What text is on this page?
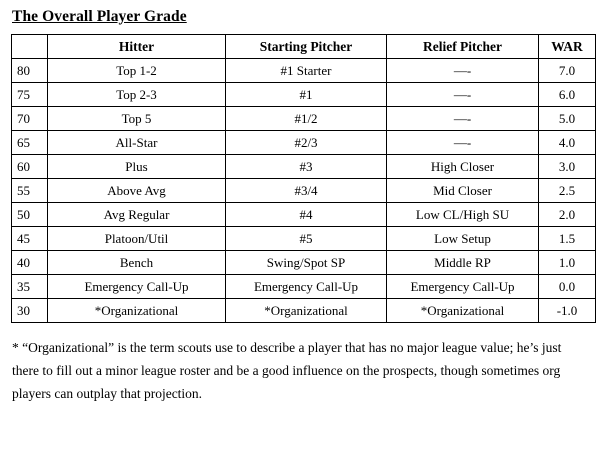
The Overall Player Grade
	Hitter	Starting Pitcher	Relief Pitcher	WAR
80	Top 1-2	#1 Starter	—-	7.0
75	Top 2-3	#1	—-	6.0
70	Top 5	#1/2	—-	5.0
65	All-Star	#2/3	—-	4.0
60	Plus	#3	High Closer	3.0
55	Above Avg	#3/4	Mid Closer	2.5
50	Avg Regular	#4	Low CL/High SU	2.0
45	Platoon/Util	#5	Low Setup	1.5
40	Bench	Swing/Spot SP	Middle RP	1.0
35	Emergency Call-Up	Emergency Call-Up	Emergency Call-Up	0.0
30	*Organizational	*Organizational	*Organizational	-1.0
* “Organizational” is the term scouts use to describe a player that has no major league value; he’s just there to fill out a minor league roster and be a good influence on the prospects, though sometimes org players can outplay that projection.
